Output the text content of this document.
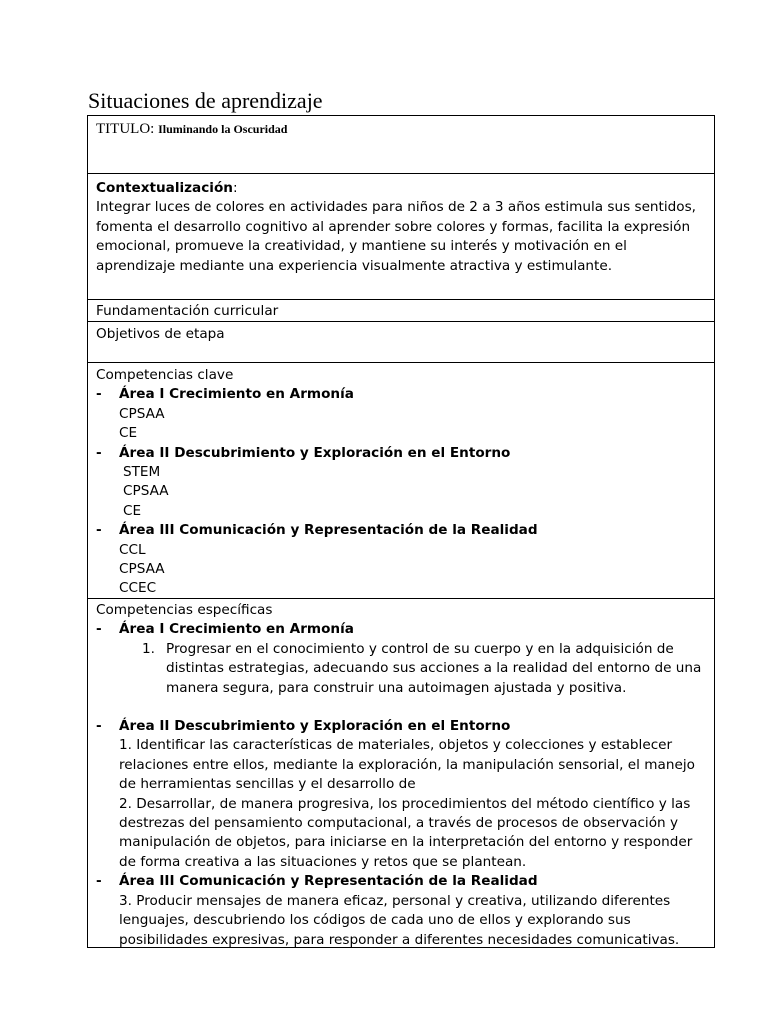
Situaciones de aprendizaje
TITULO: Iluminando la Oscuridad
Contextualización:
Integrar luces de colores en actividades para niños de 2 a 3 años estimula sus sentidos, fomenta el desarrollo cognitivo al aprender sobre colores y formas, facilita la expresión emocional, promueve la creatividad, y mantiene su interés y motivación en el aprendizaje mediante una experiencia visualmente atractiva y estimulante.
Fundamentación curricular
Objetivos de etapa
Competencias clave
-	Área I Crecimiento en Armonía
CPSAA
CE
-	Área II Descubrimiento y Exploración en el Entorno
STEM
CPSAA
CE
-	Área III Comunicación y Representación de la Realidad
CCL
CPSAA
CCEC
Competencias específicas
-	Área I Crecimiento en Armonía
1. Progresar en el conocimiento y control de su cuerpo y en la adquisición de distintas estrategias, adecuando sus acciones a la realidad del entorno de una manera segura, para construir una autoimagen ajustada y positiva.
-	Área II Descubrimiento y Exploración en el Entorno
1. Identificar las características de materiales, objetos y colecciones y establecer relaciones entre ellos, mediante la exploración, la manipulación sensorial, el manejo de herramientas sencillas y el desarrollo de
2. Desarrollar, de manera progresiva, los procedimientos del método científico y las destrezas del pensamiento computacional, a través de procesos de observación y manipulación de objetos, para iniciarse en la interpretación del entorno y responder de forma creativa a las situaciones y retos que se plantean.
-	Área III Comunicación y Representación de la Realidad
3. Producir mensajes de manera eficaz, personal y creativa, utilizando diferentes lenguajes, descubriendo los códigos de cada uno de ellos y explorando sus posibilidades expresivas, para responder a diferentes necesidades comunicativas.
